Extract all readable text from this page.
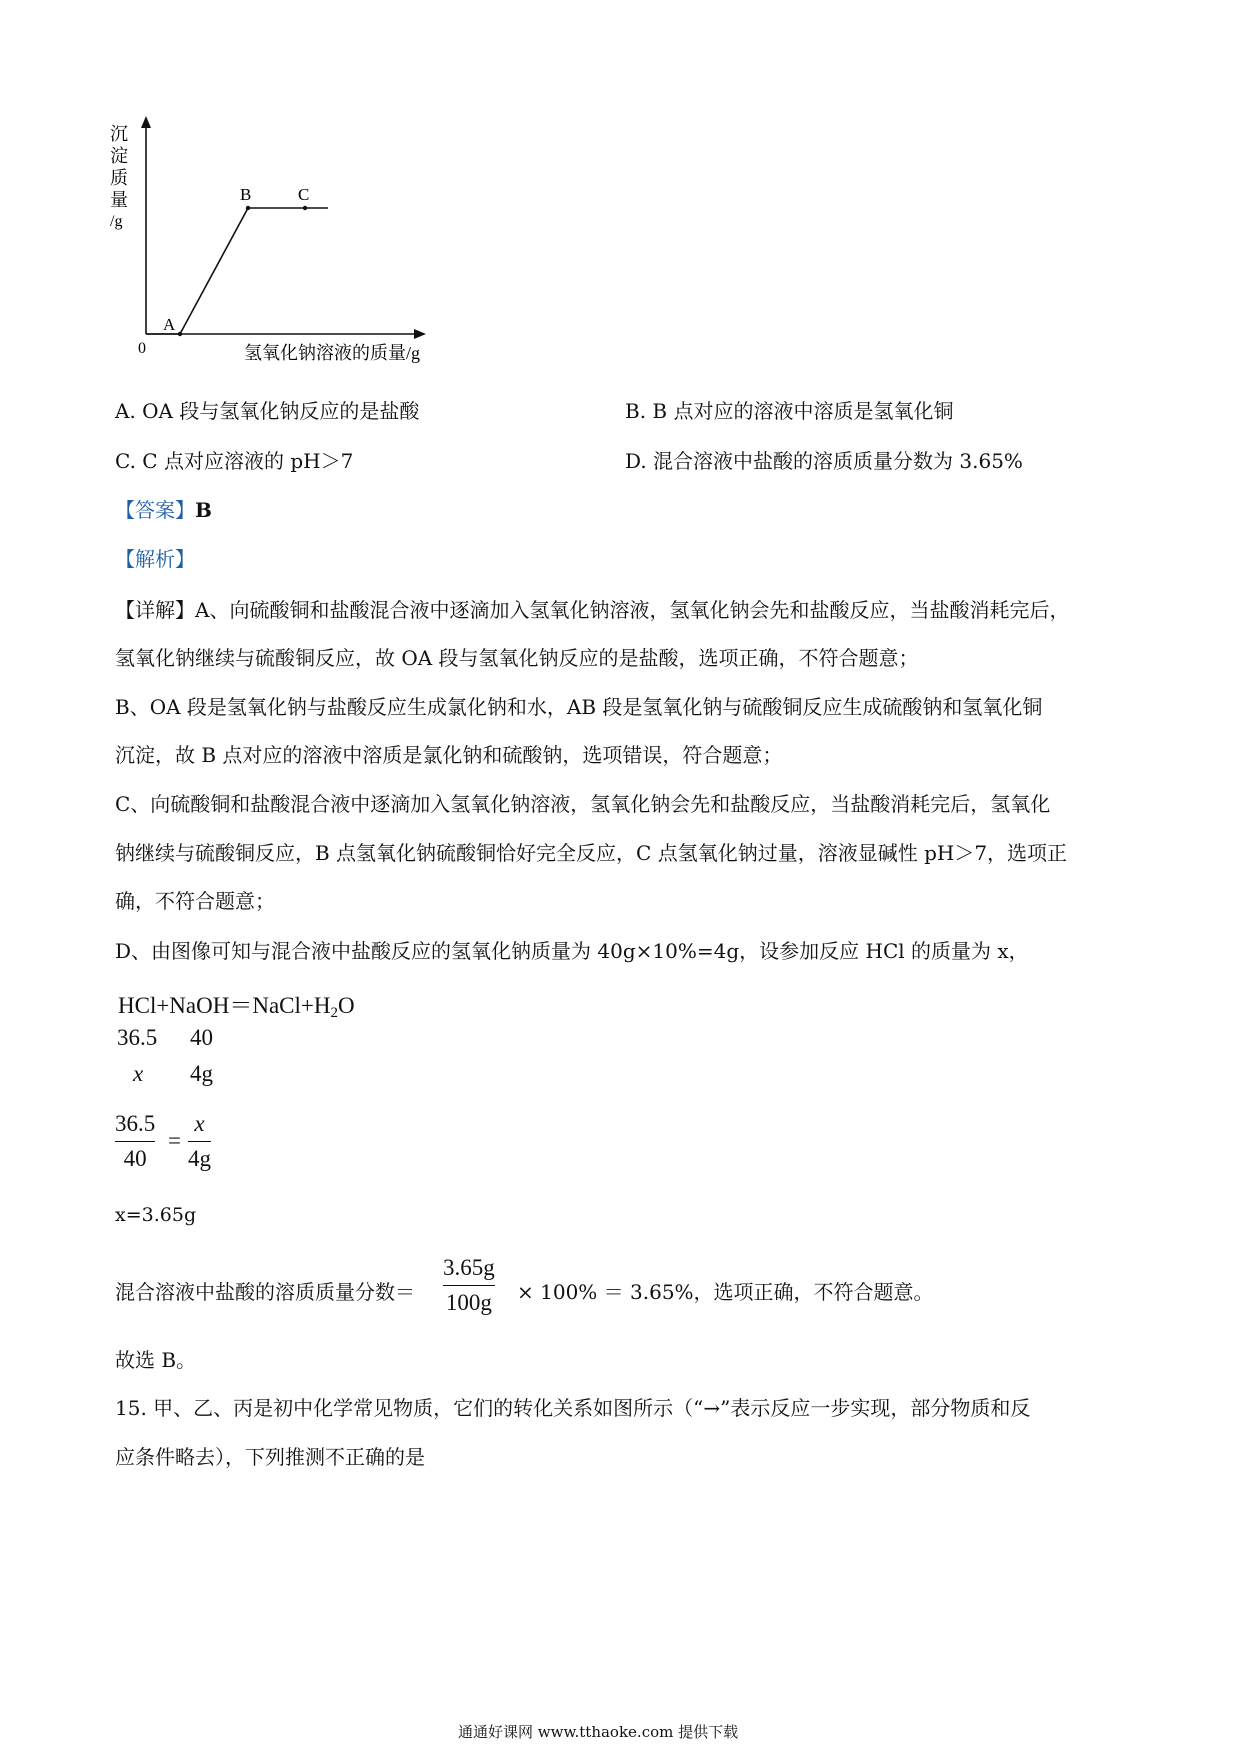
A
B	C
0
沉
淀
质
量
/g
氢氧化钠溶液的质量/g
A. OA 段与氢氧化钠反应的是盐酸	B. B 点对应的溶液中溶质是氢氧化铜
C. C 点对应溶液的 pH＞7	D. 混合溶液中盐酸的溶质质量分数为 3.65%
【答案】B
【解析】
【详解】A、向硫酸铜和盐酸混合液中逐滴加入氢氧化钠溶液，氢氧化钠会先和盐酸反应，当盐酸消耗完后，
氢氧化钠继续与硫酸铜反应，故 OA 段与氢氧化钠反应的是盐酸，选项正确，不符合题意；
B、OA 段是氢氧化钠与盐酸反应生成氯化钠和水，AB 段是氢氧化钠与硫酸铜反应生成硫酸钠和氢氧化铜
沉淀，故 B 点对应的溶液中溶质是氯化钠和硫酸钠，选项错误，符合题意；
C、向硫酸铜和盐酸混合液中逐滴加入氢氧化钠溶液，氢氧化钠会先和盐酸反应，当盐酸消耗完后，氢氧化
钠继续与硫酸铜反应，B 点氢氧化钠硫酸铜恰好完全反应，C 点氢氧化钠过量，溶液显碱性 pH＞7，选项正
确，不符合题意；
D、由图像可知与混合液中盐酸反应的氢氧化钠质量为 40g×10%=4g，设参加反应 HCl 的质量为 x，
$HCl+NaOH=NaCl+H_2O$
36.5 40
x 4g
36.5
40
=
x
4g
x=3.65g
混合溶液中盐酸的溶质质量分数＝
3.65g
100g × 100% ＝ 3.65%，选项正确，不符合题意。
故选 B。
15. 甲、乙、丙是初中化学常见物质，它们的转化关系如图所示（“→”表示反应一步实现，部分物质和反
应条件略去），下列推测不正确的是
通通好课网 www.tthaoke.com 提供下载
